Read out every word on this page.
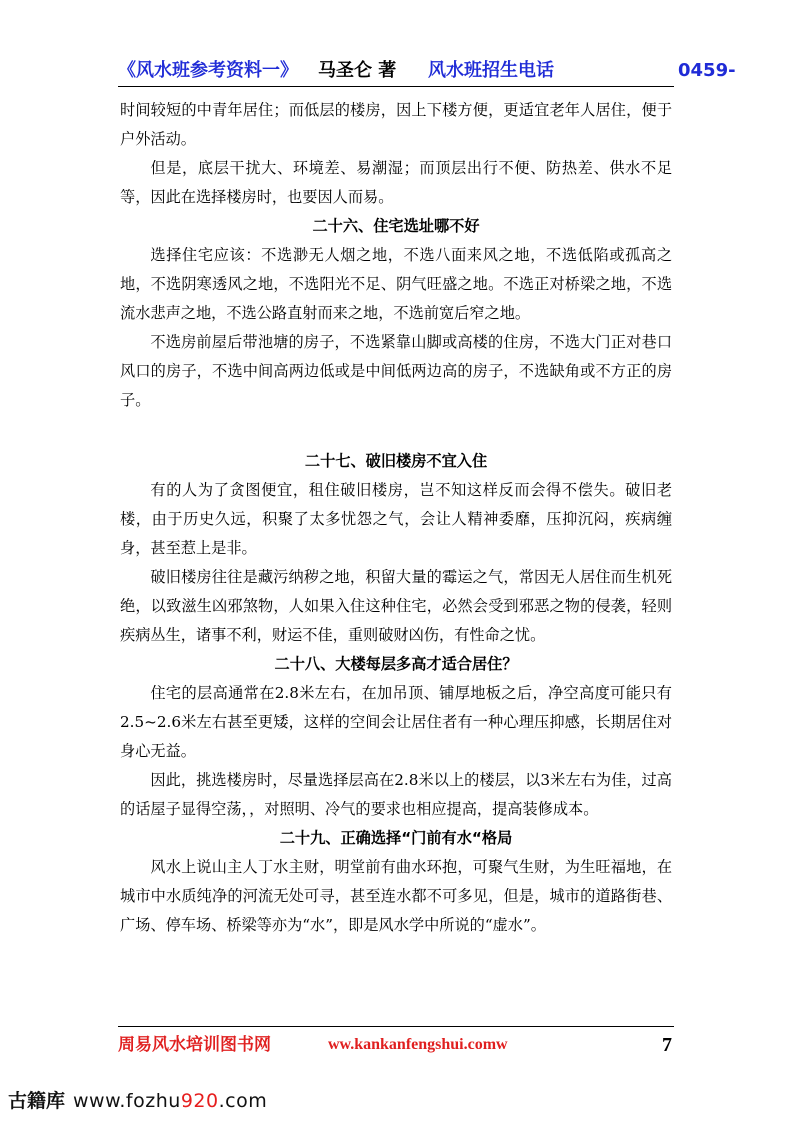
《风水班参考资料一》 马圣仑 著 风水班招生电话	0459-

时间较短的中青年居住；而低层的楼房，因上下楼方便，更适宜老年人居住，便于户外活动。

但是，底层干扰大、环境差、易潮湿；而顶层出行不便、防热差、供水不足等，因此在选择楼房时，也要因人而易。

二十六、住宅选址哪不好

选择住宅应该：不选渺无人烟之地，不选八面来风之地，不选低陷或孤高之地，不选阴寒透风之地，不选阳光不足、阴气旺盛之地。不选正对桥梁之地，不选流水悲声之地，不选公路直射而来之地，不选前宽后窄之地。

不选房前屋后带池塘的房子，不选紧靠山脚或高楼的住房，不选大门正对巷口风口的房子，不选中间高两边低或是中间低两边高的房子，不选缺角或不方正的房子。

二十七、破旧楼房不宜入住

有的人为了贪图便宜，租住破旧楼房，岂不知这样反而会得不偿失。破旧老楼，由于历史久远，积聚了太多忧怨之气，会让人精神委靡，压抑沉闷，疾病缠身，甚至惹上是非。

破旧楼房往往是藏污纳秽之地，积留大量的霉运之气，常因无人居住而生机死绝，以致滋生凶邪煞物，人如果入住这种住宅，必然会受到邪恶之物的侵袭，轻则疾病丛生，诸事不利，财运不佳，重则破财凶伤，有性命之忧。

二十八、大楼每层多高才适合居住？

住宅的层高通常在2.8米左右，在加吊顶、铺厚地板之后，净空高度可能只有2.5~2.6米左右甚至更矮，这样的空间会让居住者有一种心理压抑感，长期居住对身心无益。

因此，挑选楼房时，尽量选择层高在2.8米以上的楼层，以3米左右为佳，过高的话屋子显得空荡，，对照明、冷气的要求也相应提高，提高装修成本。

二十九、正确选择“门前有水“格局

风水上说山主人丁水主财，明堂前有曲水环抱，可聚气生财，为生旺福地，在城市中水质纯净的河流无处可寻，甚至连水都不可多见，但是，城市的道路街巷、广场、停车场、桥梁等亦为“水”，即是风水学中所说的“虚水”。

周易风水培训图书网	ww.kankanfengshui.comw	7
古籍库 www.fozhu920.com
